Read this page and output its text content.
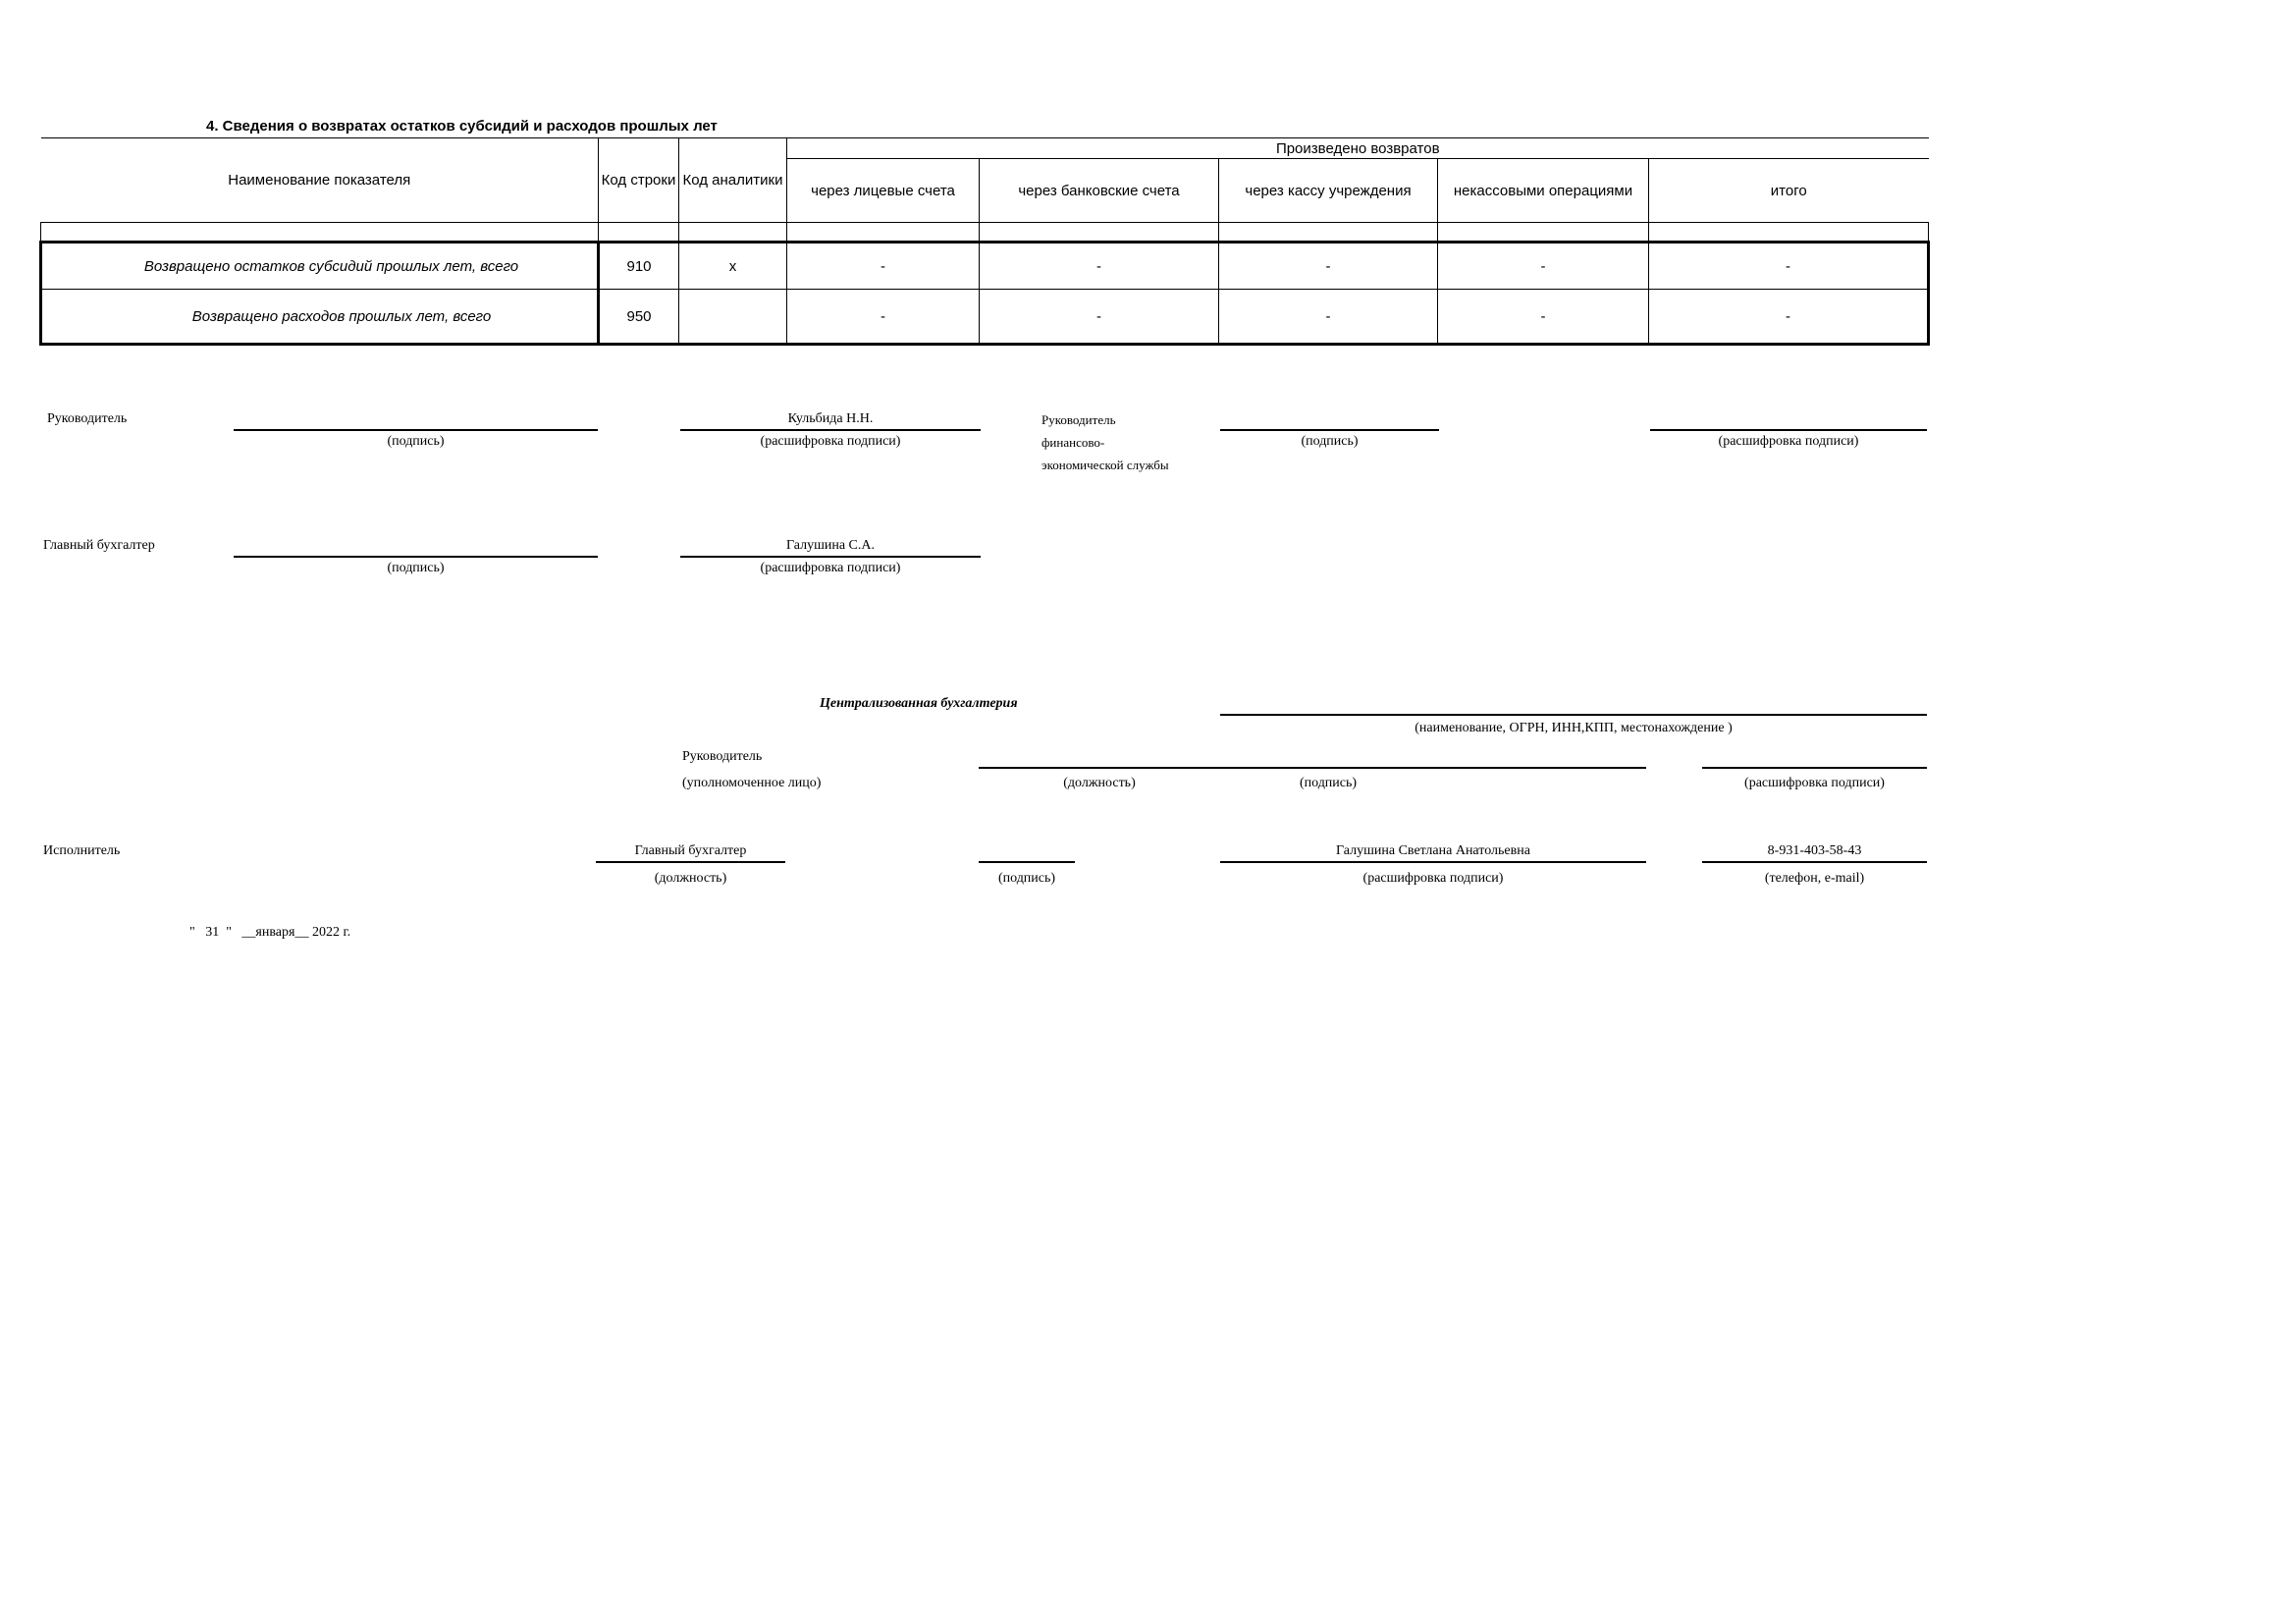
4. Сведения о возвратах остатков субсидий и расходов прошлых лет
Наименование показателя	Код строки	Код аналитики	Произведено возвратов				
			через лицевые счета	через банковские счета	через кассу учреждения	некассовыми операциями	итого

Возвращено остатков субсидий прошлых лет, всего	910	х	-	-	-	-	-
Возвращено расходов прошлых лет, всего	950		-	-	-	-	-
Руководитель
(подпись)
Кульбида Н.Н.
(расшифровка подписи)
Руководитель
финансово-
экономической службы
(подпись)	(расшифровка подписи)
Главный бухгалтер
(подпись)
Галушина С.А.
(расшифровка подписи)
Централизованная бухгалтерия
(наименование, ОГРН, ИНН,КПП, местонахождение )
Руководитель
(уполномоченное лицо)	(должность)	(подпись)	(расшифровка подписи)
Исполнитель	Главный бухгалтер
(должность)	(подпись)
Галушина Светлана Анатольевна
(расшифровка подписи)
8-931-403-58-43
(телефон, e-mail)
"   31  "   __января__ 2022 г.
